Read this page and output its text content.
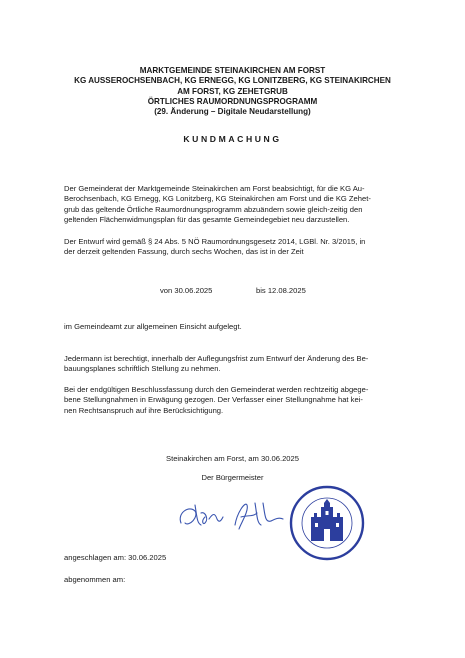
MARKTGEMEINDE STEINAKIRCHEN AM FORST
KG AUSSEROCHSENBACH, KG ERNEGG, KG LONITZBERG, KG STEINAKIRCHEN
AM FORST, KG ZEHETGRUB
ÖRTLICHES RAUMORDNUNGSPROGRAMM
(29. Änderung – Digitale Neudarstellung)
KUNDMACHUNG
Der Gemeinderat der Marktgemeinde Steinakirchen am Forst beabsichtigt, für die KG Au-
Berochsenbach, KG Ernegg, KG Lonitzberg, KG Steinakirchen am Forst und die KG Zehet-
grub das geltende Örtliche Raumordnungsprogramm abzuändern sowie gleich-zeitig den
geltenden Flächenwidmungsplan für das gesamte Gemeindegebiet neu darzustellen.
Der Entwurf wird gemäß § 24 Abs. 5 NÖ Raumordnungsgesetz 2014, LGBl. Nr. 3/2015, in
der derzeit geltenden Fassung, durch sechs Wochen, das ist in der Zeit
von 30.06.2025	bis 12.08.2025
im Gemeindeamt zur allgemeinen Einsicht aufgelegt.
Jedermann ist berechtigt, innerhalb der Auflegungsfrist zum Entwurf der Änderung des Be-
bauungsplanes schriftlich Stellung zu nehmen.
Bei der endgültigen Beschlussfassung durch den Gemeinderat werden rechtzeitig abgege-
bene Stellungnahmen in Erwägung gezogen. Der Verfasser einer Stellungnahme hat kei-
nen Rechtsanspruch auf ihre Berücksichtigung.
Steinakirchen am Forst, am 30.06.2025
Der Bürgermeister
angeschlagen am: 30.06.2025
abgenommen am:
